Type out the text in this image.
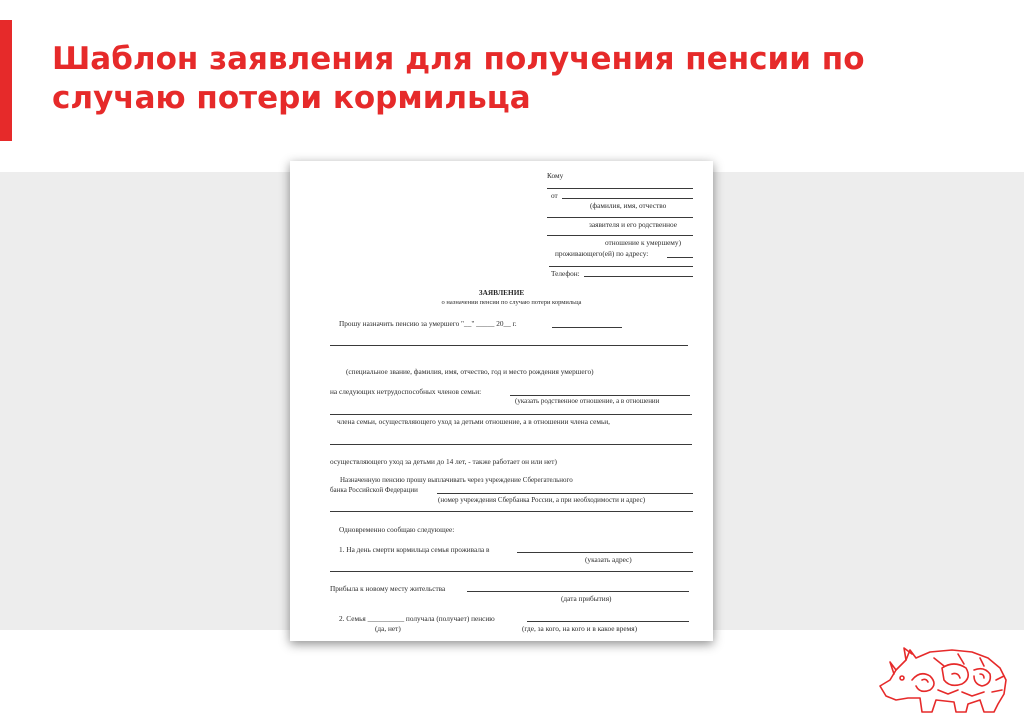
Шаблон заявления для получения пенсии по случаю потери кормильца
Кому
от
(фамилия, имя, отчество
заявителя и его родственное
отношение к умершему)
проживающего(ей) по адресу:
Телефон:
ЗАЯВЛЕНИЕ
о назначении пенсии по случаю потери кормильца
Прошу назначить пенсию за умершего "__" _____ 20__ г.
(специальное звание, фамилия, имя, отчество, год и место рождения умершего)
на следующих нетрудоспособных членов семьи:
(указать родственное отношение, а в отношении
члена семьи, осуществляющего уход за детьми отношение, а в отношении члена семьи,
осуществляющего уход за детьми до 14 лет, - также работает он или нет)
Назначенную пенсию прошу выплачивать через учреждение Сберегательного
банка Российской Федерации
(номер учреждения Сбербанка России, а при необходимости и адрес)
Одновременно сообщаю следующее:
1. На день смерти кормильца семья проживала в
(указать адрес)
Прибыла к новому месту жительства
(дата прибытия)
2. Семья __________ получала (получает) пенсию
(да, нет)	(где, за кого, на кого и в какое время)
